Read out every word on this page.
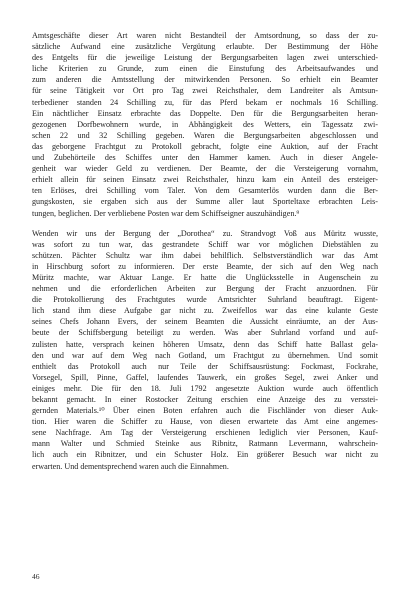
Amtsgeschäfte dieser Art waren nicht Bestandteil der Amtsordnung, so dass der zu-
sätzliche Aufwand eine zusätzliche Vergütung erlaubte. Der Bestimmung der Höhe
des Entgelts für die jeweilige Leistung der Bergungsarbeiten lagen zwei unterschied-
liche Kriterien zu Grunde, zum einen die Einstufung des Arbeitsaufwandes und
zum anderen die Amtsstellung der mitwirkenden Personen. So erhielt ein Beamter
für seine Tätigkeit vor Ort pro Tag zwei Reichsthaler, dem Landreiter als Amtsun-
terbediener standen 24 Schilling zu, für das Pferd bekam er nochmals 16 Schilling.
Ein nächtlicher Einsatz erbrachte das Doppelte. Den für die Bergungsarbeiten heran-
gezogenen Dorfbewohnern wurde, in Abhängigkeit des Wetters, ein Tagessatz zwi-
schen 22 und 32 Schilling gegeben. Waren die Bergungsarbeiten abgeschlossen und
das geborgene Frachtgut zu Protokoll gebracht, folgte eine Auktion, auf der Fracht
und Zubehörteile des Schiffes unter den Hammer kamen. Auch in dieser Angele-
genheit war wieder Geld zu verdienen. Der Beamte, der die Versteigerung vornahm,
erhielt allein für seinen Einsatz zwei Reichsthaler, hinzu kam ein Anteil des ersteiger-
ten Erlöses, drei Schilling vom Taler. Von dem Gesamterlös wurden dann die Ber-
gungskosten, sie ergaben sich aus der Summe aller laut Sporteltaxe erbrachten Leis-
tungen, beglichen. Der verbliebene Posten war dem Schiffseigner auszuhändigen.⁹
Wenden wir uns der Bergung der „Dorothea“ zu. Strandvogt Voß aus Müritz wusste,
was sofort zu tun war, das gestrandete Schiff war vor möglichen Diebstählen zu
schützen. Pächter Schultz war ihm dabei behilflich. Selbstverständlich war das Amt
in Hirschburg sofort zu informieren. Der erste Beamte, der sich auf den Weg nach
Müritz machte, war Aktuar Lange. Er hatte die Unglücksstelle in Augenschein zu
nehmen und die erforderlichen Arbeiten zur Bergung der Fracht anzuordnen. Für
die Protokollierung des Frachtgutes wurde Amtsrichter Suhrland beauftragt. Eigent-
lich stand ihm diese Aufgabe gar nicht zu. Zweifellos war das eine kulante Geste
seines Chefs Johann Evers, der seinem Beamten die Aussicht einräumte, an der Aus-
beute der Schiffsbergung beteiligt zu werden. Was aber Suhrland vorfand und auf-
zulisten hatte, versprach keinen höheren Umsatz, denn das Schiff hatte Ballast gela-
den und war auf dem Weg nach Gotland, um Frachtgut zu übernehmen. Und somit
enthielt das Protokoll auch nur Teile der Schiffsausrüstung: Fockmast, Fockrahe,
Vorsegel, Spill, Pinne, Gaffel, laufendes Tauwerk, ein großes Segel, zwei Anker und
einiges mehr. Die für den 18. Juli 1792 angesetzte Auktion wurde auch öffentlich
bekannt gemacht. In einer Rostocker Zeitung erschien eine Anzeige des zu versstei-
gernden Materials.¹⁰ Über einen Boten erfahren auch die Fischländer von dieser Auk-
tion. Hier waren die Schiffer zu Hause, von diesen erwartete das Amt eine angemes-
sene Nachfrage. Am Tag der Versteigerung erschienen lediglich vier Personen, Kauf-
mann Walter und Schmied Steinke aus Ribnitz, Ratmann Levermann, wahrschein-
lich auch ein Ribnitzer, und ein Schuster Holz. Ein größerer Besuch war nicht zu
erwarten. Und dementsprechend waren auch die Einnahmen.
46
